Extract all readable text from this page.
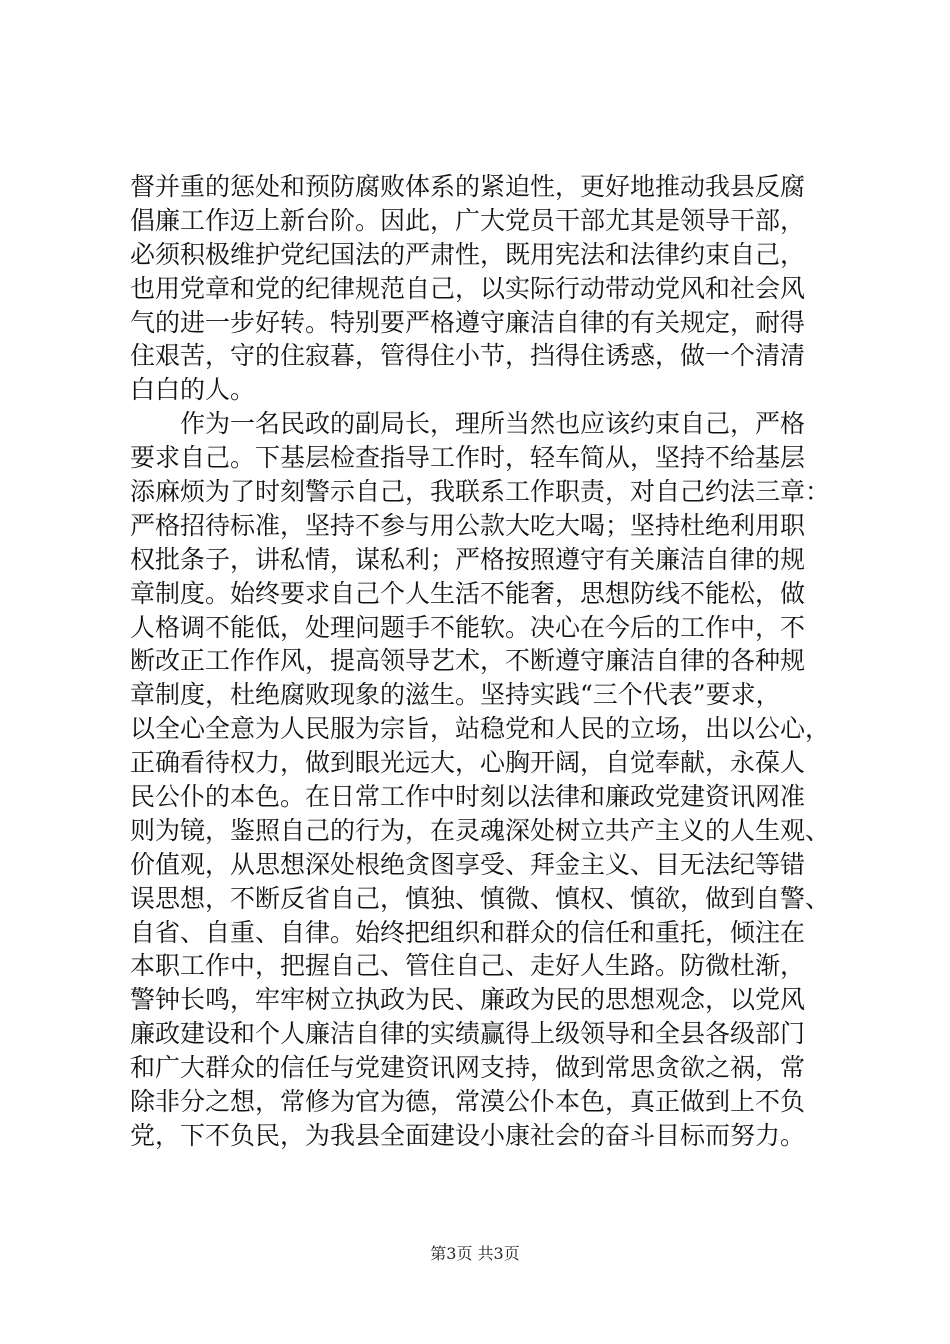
督并重的惩处和预防腐败体系的紧迫性，更好地推动我县反腐
倡廉工作迈上新台阶。因此，广大党员干部尤其是领导干部，
必须积极维护党纪国法的严肃性，既用宪法和法律约束自己，
也用党章和党的纪律规范自己，以实际行动带动党风和社会风
气的进一步好转。特别要严格遵守廉洁自律的有关规定，耐得
住艰苦，守的住寂暮，管得住小节，挡得住诱惑，做一个清清
白白的人。
作为一名民政的副局长，理所当然也应该约束自己，严格
要求自己。下基层检查指导工作时，轻车简从，坚持不给基层
添麻烦为了时刻警示自己，我联系工作职责，对自己约法三章：
严格招待标准，坚持不参与用公款大吃大喝；坚持杜绝利用职
权批条子，讲私情，谋私利；严格按照遵守有关廉洁自律的规
章制度。始终要求自己个人生活不能奢，思想防线不能松，做
人格调不能低，处理问题手不能软。决心在今后的工作中，不
断改正工作作风，提高领导艺术，不断遵守廉洁自律的各种规
章制度，杜绝腐败现象的滋生。坚持实践“三个代表”要求，
以全心全意为人民服为宗旨，站稳党和人民的立场，出以公心，
正确看待权力，做到眼光远大，心胸开阔，自觉奉献，永葆人
民公仆的本色。在日常工作中时刻以法律和廉政党建资讯网准
则为镜，鉴照自己的行为，在灵魂深处树立共产主义的人生观、
价值观，从思想深处根绝贪图享受、拜金主义、目无法纪等错
误思想，不断反省自己，慎独、慎微、慎权、慎欲，做到自警、
自省、自重、自律。始终把组织和群众的信任和重托，倾注在
本职工作中，把握自己、管住自己、走好人生路。防微杜渐，
警钟长鸣，牢牢树立执政为民、廉政为民的思想观念，以党风
廉政建设和个人廉洁自律的实绩赢得上级领导和全县各级部门
和广大群众的信任与党建资讯网支持，做到常思贪欲之祸，常
除非分之想，常修为官为德，常漠公仆本色，真正做到上不负
党，下不负民，为我县全面建设小康社会的奋斗目标而努力。
第3页 共3页
